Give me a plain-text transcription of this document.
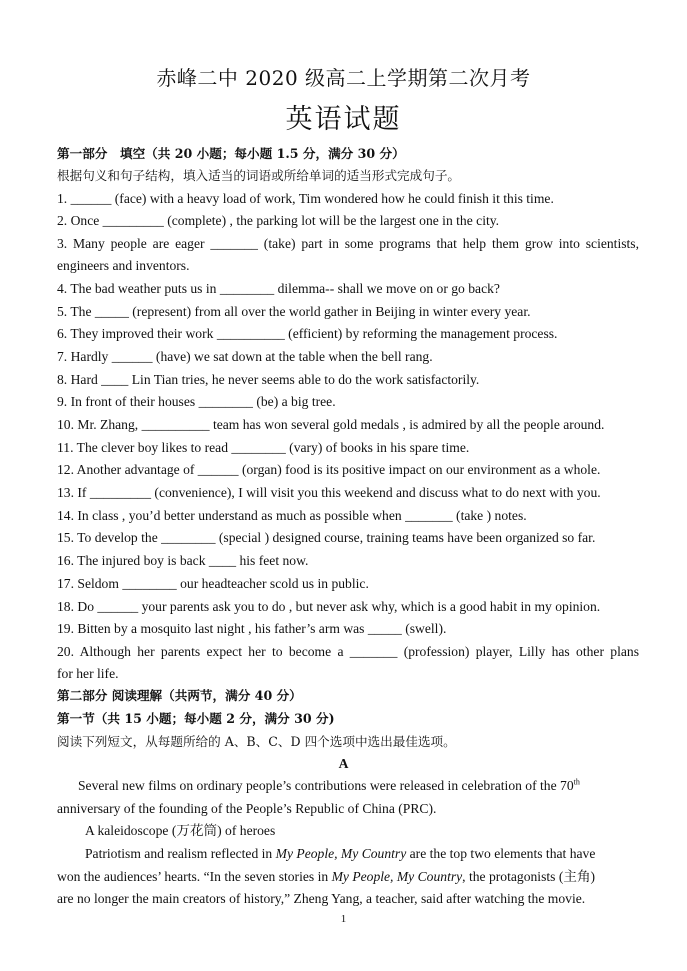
赤峰二中 2020 级高二上学期第二次月考
英语试题
第一部分　填空（共 20 小题；每小题 1.5 分，满分 30 分）
根据句义和句子结构，填入适当的词语或所给单词的适当形式完成句子。
1. ______ (face) with a heavy load of work, Tim wondered how he could finish it this time.
2. Once _________ (complete) , the parking lot will be the largest one in the city.
3. Many people are eager _______ (take) part in some programs that help them grow into scientists,
engineers and inventors.
4. The bad weather puts us in ________ dilemma-- shall we move on or go back?
5. The _____ (represent) from all over the world gather in Beijing in winter every year.
6. They improved their work __________ (efficient) by reforming the management process.
7. Hardly ______ (have) we sat down at the table when the bell rang.
8. Hard ____ Lin Tian tries, he never seems able to do the work satisfactorily.
9. In front of their houses ________ (be) a big tree.
10. Mr. Zhang, __________ team has won several gold medals , is admired by all the people around.
11. The clever boy likes to read ________ (vary) of books in his spare time.
12. Another advantage of ______ (organ) food is its positive impact on our environment as a whole.
13. If _________ (convenience), I will visit you this weekend and discuss what to do next with you.
14. In class , you’d better understand as much as possible when _______ (take ) notes.
15. To develop the ________ (special ) designed course, training teams have been organized so far.
16. The injured boy is back ____ his feet now.
17. Seldom ________ our headteacher scold us in public.
18. Do ______ your parents ask you to do , but never ask why, which is a good habit in my opinion.
19. Bitten by a mosquito last night , his father’s arm was _____ (swell).
20. Although her parents expect her to become a _______ (profession) player, Lilly has other plans
for her life.
第二部分 阅读理解（共两节，满分 40 分）
第一节（共 15 小题；每小题 2 分，满分 30 分)
阅读下列短文，从每题所给的 A、B、C、D 四个选项中选出最佳选项。
A
Several new films on ordinary people’s contributions were released in celebration of the 70th
anniversary of the founding of the People’s Republic of China (PRC).
A kaleidoscope (万花筒) of heroes
Patriotism and realism reflected in My People, My Country are the top two elements that have
won the audiences’ hearts. “In the seven stories in My People, My Country, the protagonists (主角)
are no longer the main creators of history,” Zheng Yang, a teacher, said after watching the movie.
1
